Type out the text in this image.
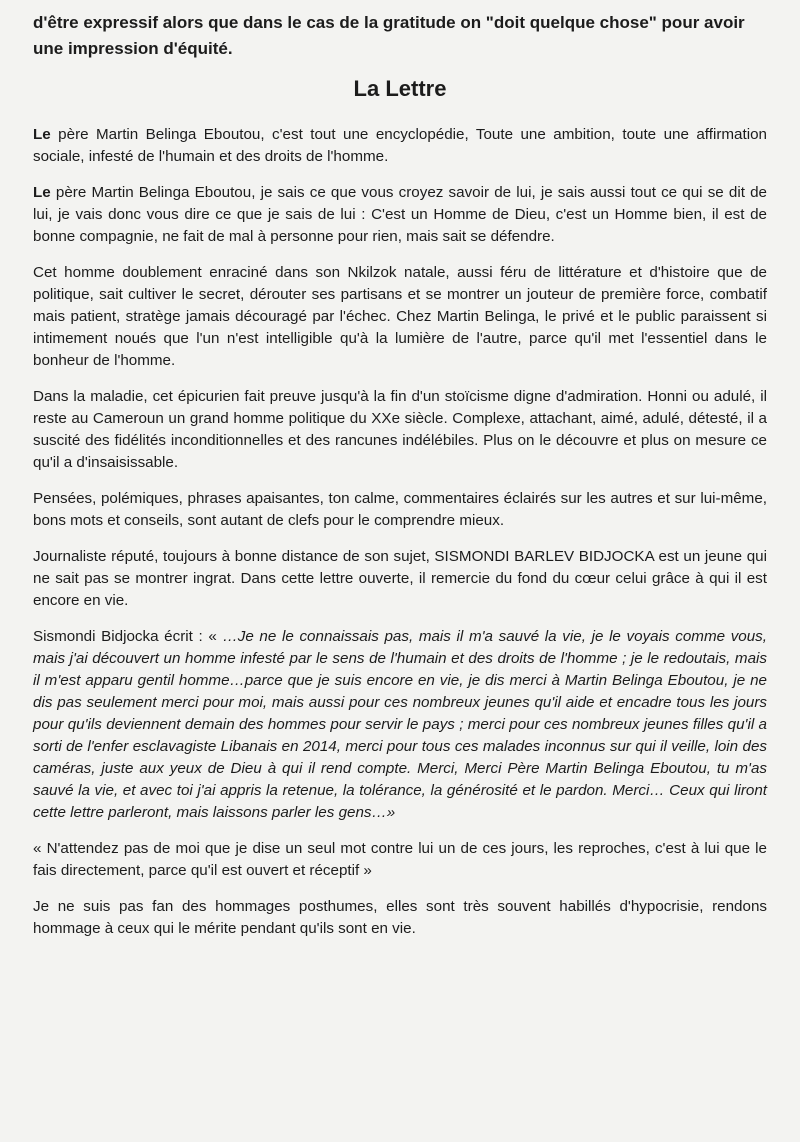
d'être expressif alors que dans le cas de la gratitude on "doit quelque chose" pour avoir une impression d'équité.

La Lettre

Le père Martin Belinga Eboutou, c'est tout une encyclopédie, Toute une ambition, toute une affirmation sociale, infesté de l'humain et des droits de l'homme.

Le père Martin Belinga Eboutou, je sais ce que vous croyez savoir de lui, je sais aussi tout ce qui se dit de lui, je vais donc vous dire ce que je sais de lui : C'est un Homme de Dieu, c'est un Homme bien, il est de bonne compagnie, ne fait de mal à personne pour rien, mais sait se défendre.

Cet homme doublement enraciné dans son Nkilzok natale, aussi féru de littérature et d'histoire que de politique, sait cultiver le secret, dérouter ses partisans et se montrer un jouteur de première force, combatif mais patient, stratège jamais découragé par l'échec. Chez Martin Belinga, le privé et le public paraissent si intimement noués que l'un n'est intelligible qu'à la lumière de l'autre, parce qu'il met l'essentiel dans le bonheur de l'homme.

Dans la maladie, cet épicurien fait preuve jusqu'à la fin d'un stoïcisme digne d'admiration. Honni ou adulé, il reste au Cameroun un grand homme politique du XXe siècle. Complexe, attachant, aimé, adulé, détesté, il a suscité des fidélités inconditionnelles et des rancunes indélébiles. Plus on le découvre et plus on mesure ce qu'il a d'insaisissable.

Pensées, polémiques, phrases apaisantes, ton calme, commentaires éclairés sur les autres et sur lui-même, bons mots et conseils, sont autant de clefs pour le comprendre mieux.

Journaliste réputé, toujours à bonne distance de son sujet, SISMONDI BARLEV BIDJOCKA est un jeune qui ne sait pas se montrer ingrat. Dans cette lettre ouverte, il remercie du fond du cœur celui grâce à qui il est encore en vie.

Sismondi Bidjocka écrit : « …Je ne le connaissais pas, mais il m'a sauvé la vie, je le voyais comme vous, mais j'ai découvert un homme infesté par le sens de l'humain et des droits de l'homme ; je le redoutais, mais il m'est apparu gentil homme…parce que je suis encore en vie, je dis merci à Martin Belinga Eboutou, je ne dis pas seulement merci pour moi, mais aussi pour ces nombreux jeunes qu'il aide et encadre tous les jours pour qu'ils deviennent demain des hommes pour servir le pays ; merci pour ces nombreux jeunes filles qu'il a sorti de l'enfer esclavagiste Libanais en 2014, merci pour tous ces malades inconnus sur qui il veille, loin des caméras, juste aux yeux de Dieu à qui il rend compte. Merci, Merci Père Martin Belinga Eboutou, tu m'as sauvé la vie, et avec toi j'ai appris la retenue, la tolérance, la générosité et le pardon. Merci… Ceux qui liront cette lettre parleront, mais laissons parler les gens…»

« N'attendez pas de moi que je dise un seul mot contre lui un de ces jours, les reproches, c'est à lui que le fais directement, parce qu'il est ouvert et réceptif »

Je ne suis pas fan des hommages posthumes, elles sont très souvent habillés d'hypocrisie, rendons hommage à ceux qui le mérite pendant qu'ils sont en vie.
